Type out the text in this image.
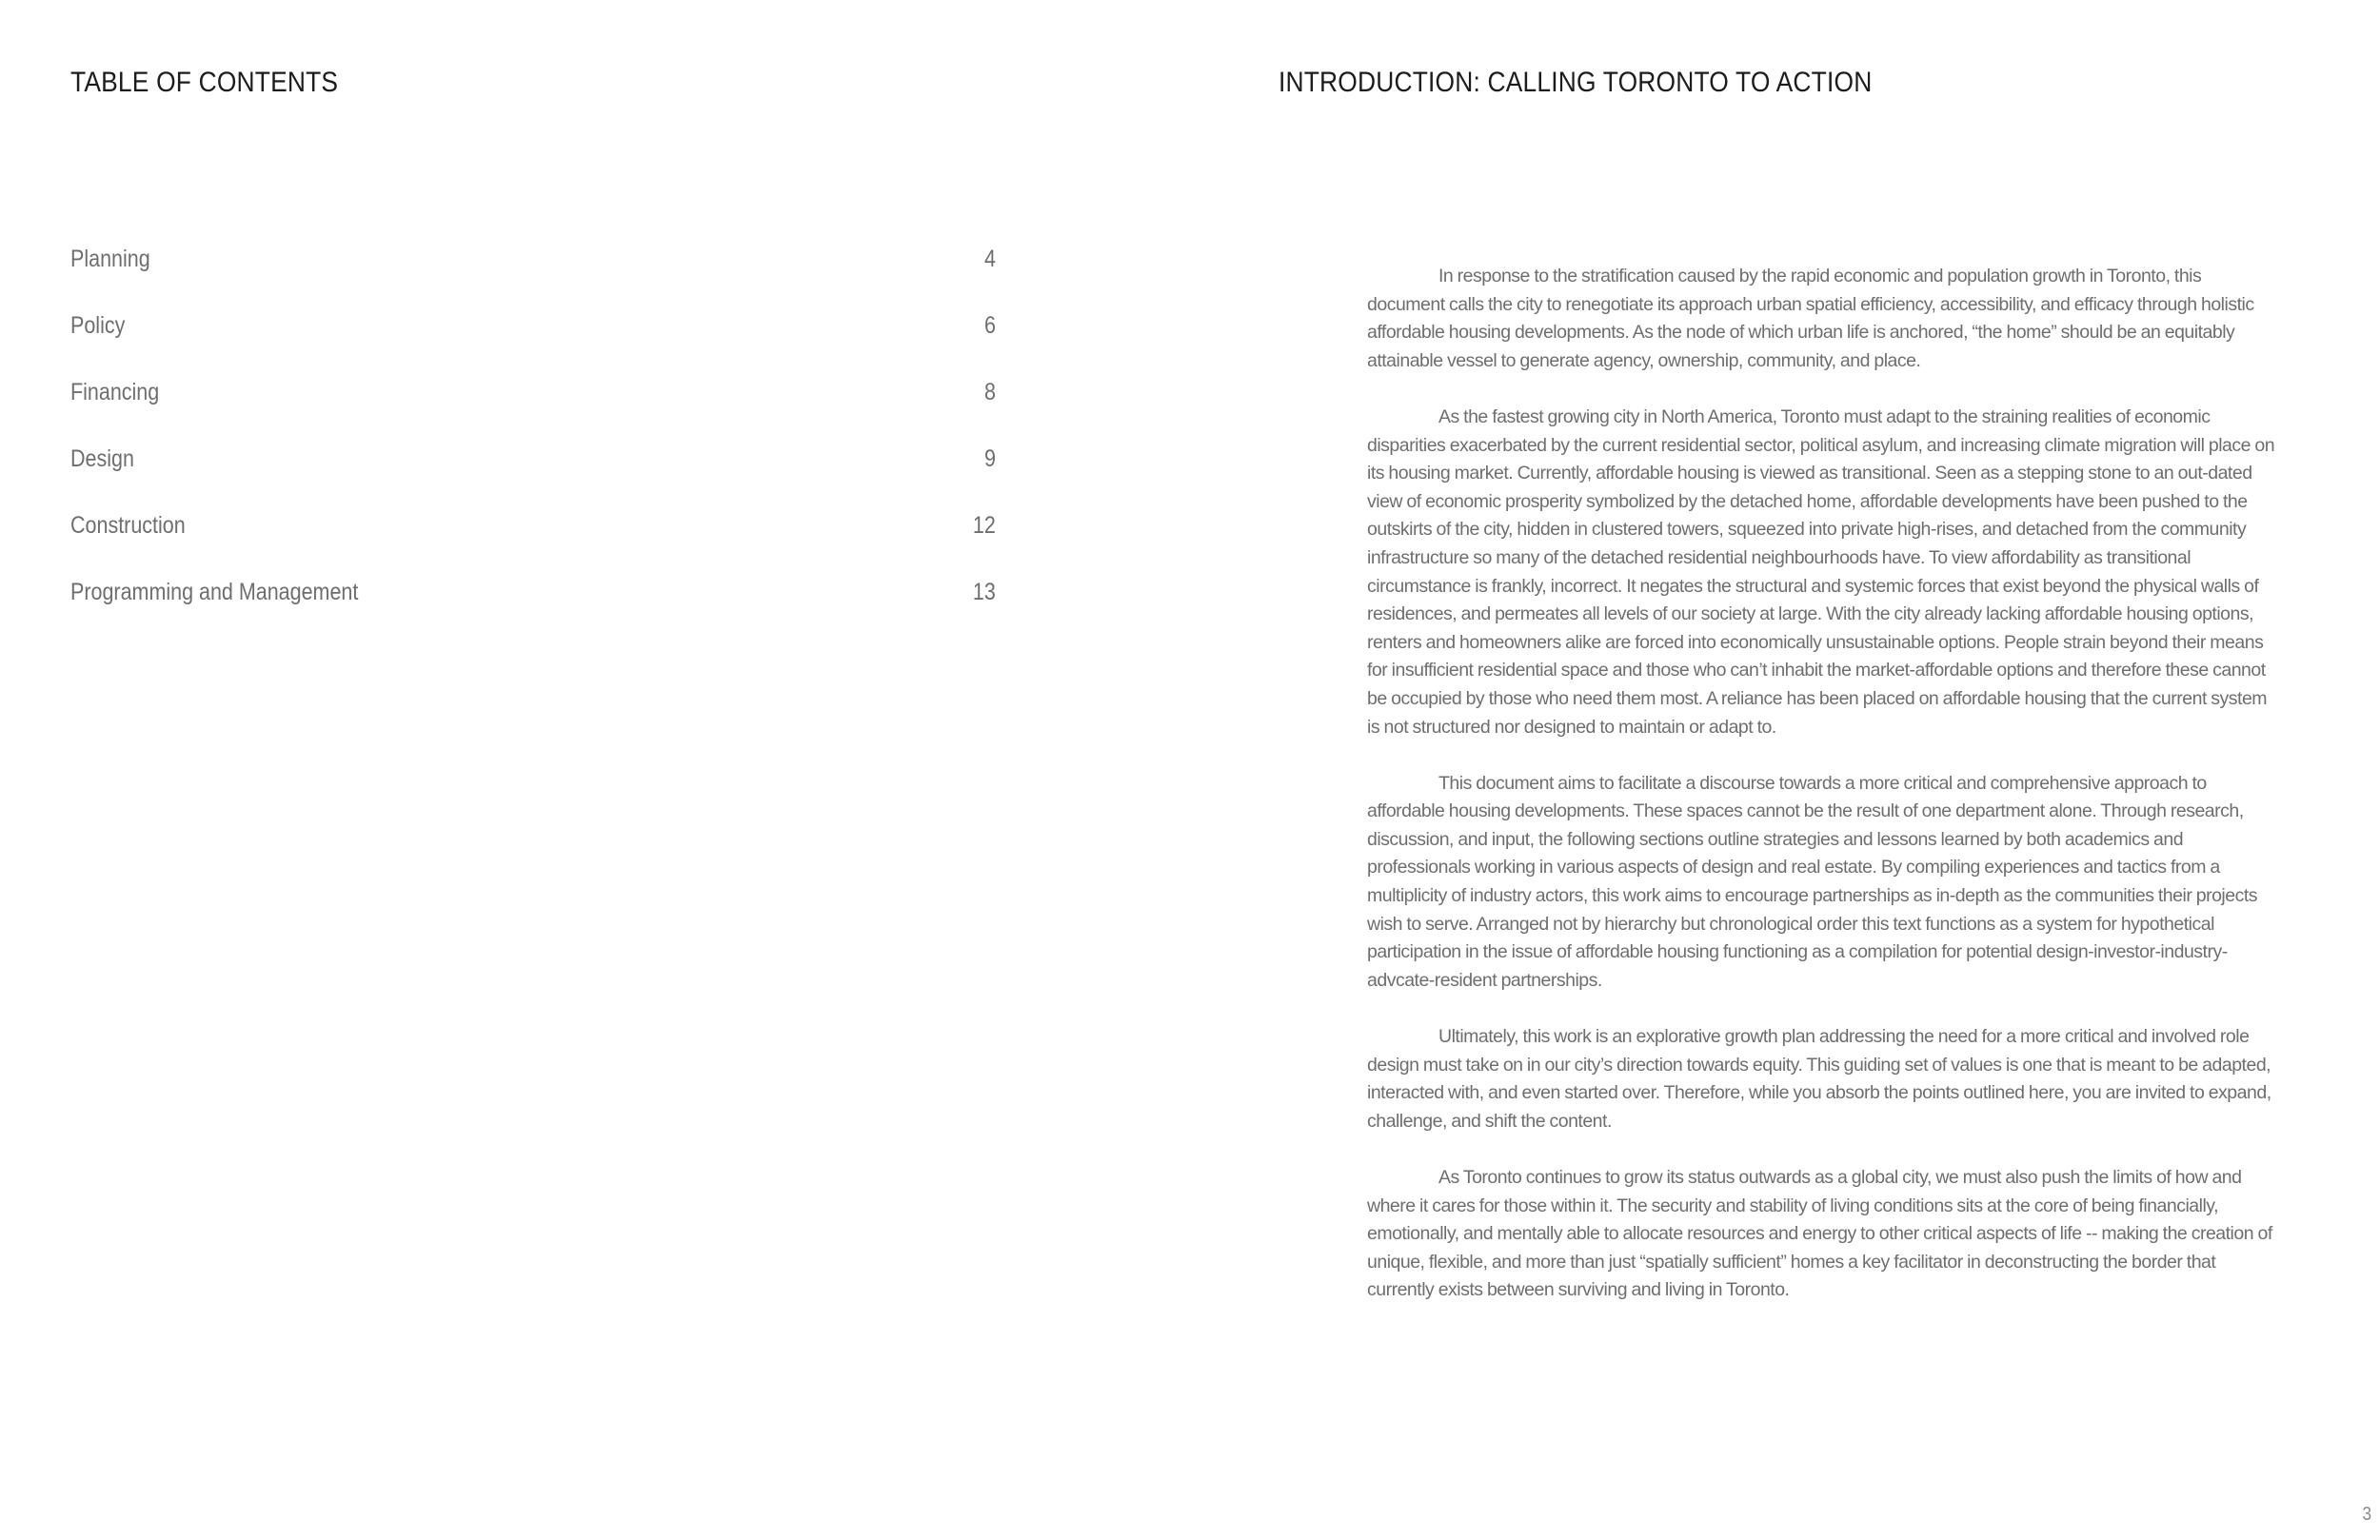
TABLE OF CONTENTS
Planning	4
Policy	6
Financing	8
Design	9
Construction	12
Programming and Management	13
INTRODUCTION: CALLING TORONTO TO ACTION

In response to the stratification caused by the rapid economic and population growth in Toronto, this document calls the city to renegotiate its approach urban spatial efficiency, accessibility, and efficacy through holistic affordable housing developments. As the node of which urban life is anchored, “the home” should be an equitably attainable vessel to generate agency, ownership, community, and place.

As the fastest growing city in North America, Toronto must adapt to the straining realities of economic disparities exacerbated by the current residential sector, political asylum, and increasing climate migration will place on its housing market. Currently, affordable housing is viewed as transitional. Seen as a stepping stone to an out-dated view of economic prosperity symbolized by the detached home, affordable developments have been pushed to the outskirts of the city, hidden in clustered towers, squeezed into private high-rises, and detached from the community infrastructure so many of the detached residential neighbourhoods have. To view affordability as transitional circumstance is frankly, incorrect. It negates the structural and systemic forces that exist beyond the physical walls of residences, and permeates all levels of our society at large. With the city already lacking affordable housing options, renters and homeowners alike are forced into economically unsustainable options. People strain beyond their means for insufficient residential space and those who can’t inhabit the market-affordable options and therefore these cannot be occupied by those who need them most. A reliance has been placed on affordable housing that the current system is not structured nor designed to maintain or adapt to.

This document aims to facilitate a discourse towards a more critical and comprehensive approach to affordable housing developments. These spaces cannot be the result of one department alone. Through research, discussion, and input, the following sections outline strategies and lessons learned by both academics and professionals working in various aspects of design and real estate. By compiling experiences and tactics from a multiplicity of industry actors, this work aims to encourage partnerships as in-depth as the communities their projects wish to serve. Arranged not by hierarchy but chronological order this text functions as a system for hypothetical participation in the issue of affordable housing functioning as a compilation for potential design-investor-industry-advcate-resident partnerships.

Ultimately, this work is an explorative growth plan addressing the need for a more critical and involved role design must take on in our city’s direction towards equity. This guiding set of values is one that is meant to be adapted, interacted with, and even started over. Therefore, while you absorb the points outlined here, you are invited to expand, challenge, and shift the content.

As Toronto continues to grow its status outwards as a global city, we must also push the limits of how and where it cares for those within it. The security and stability of living conditions sits at the core of being financially, emotionally, and mentally able to allocate resources and energy to other critical aspects of life -- making the creation of unique, flexible, and more than just “spatially sufficient” homes a key facilitator in deconstructing the border that currently exists between surviving and living in Toronto.

3
